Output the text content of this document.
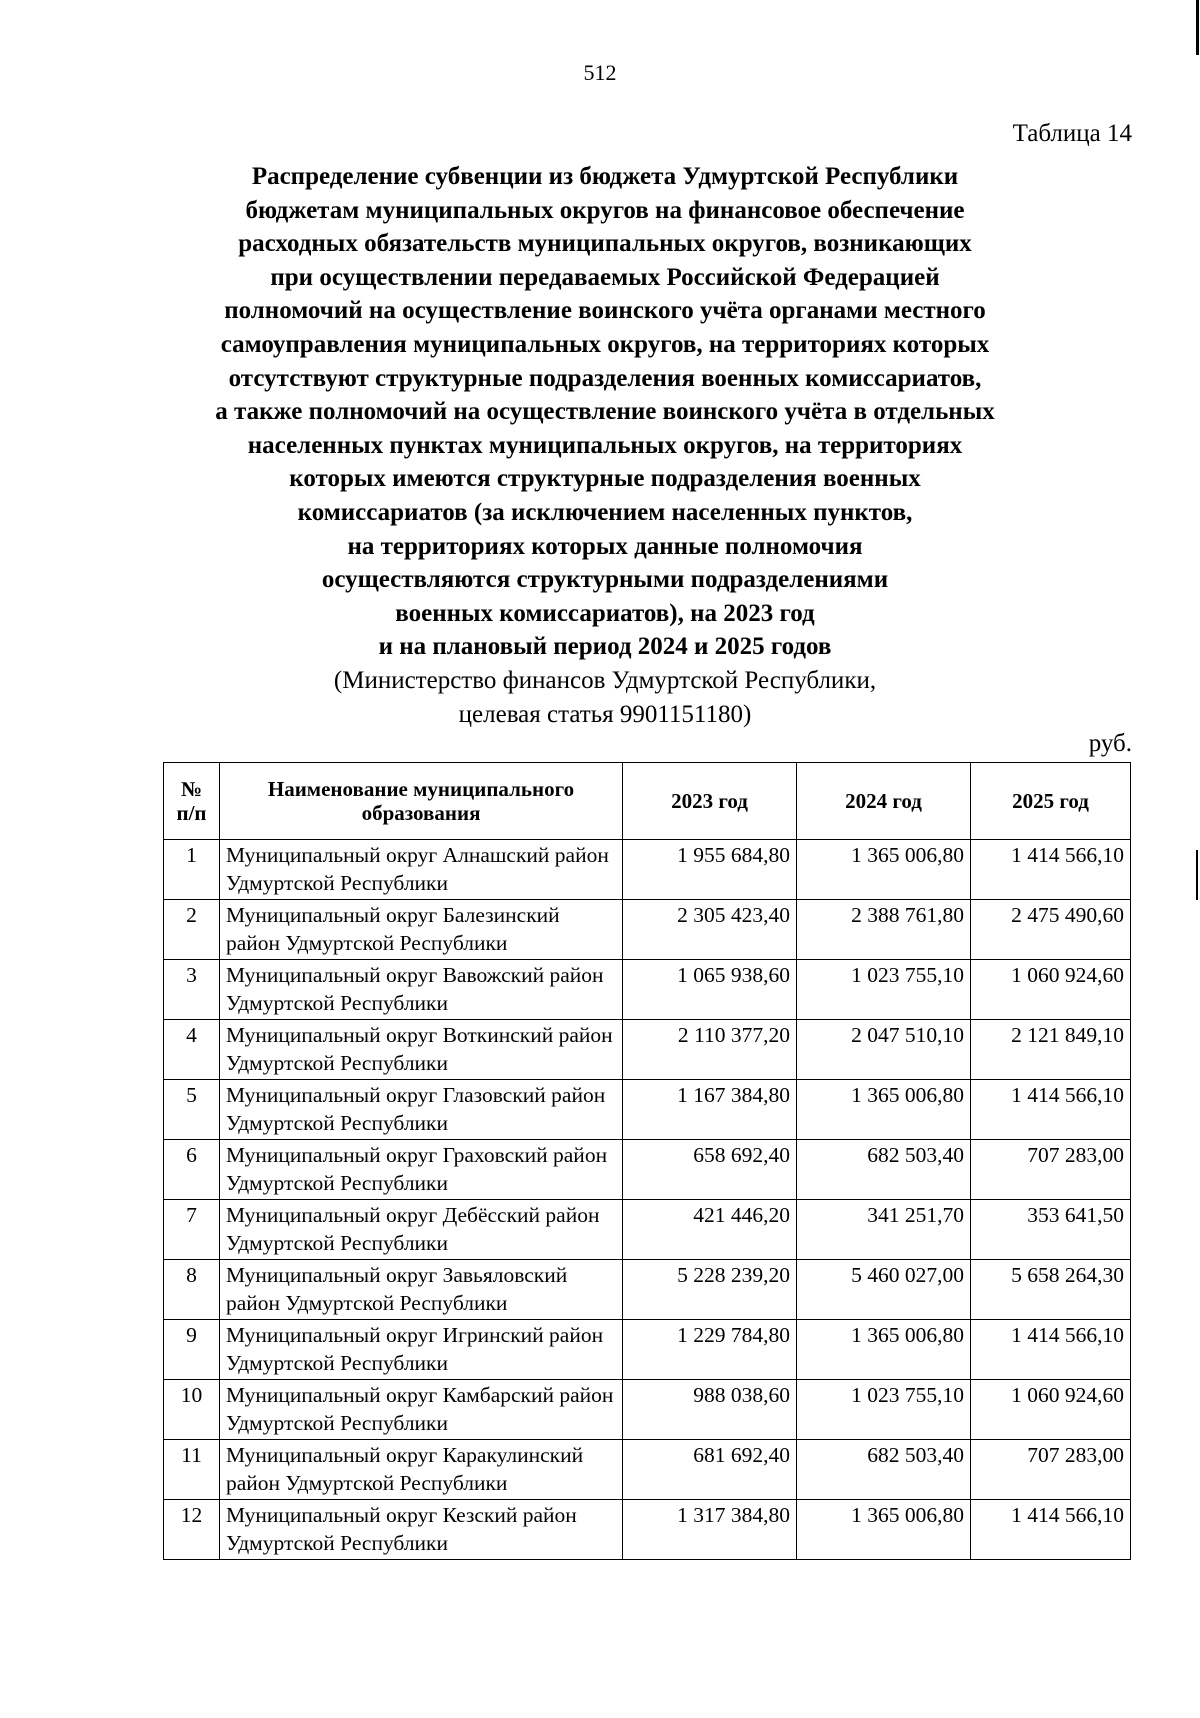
512
Таблица 14
Распределение субвенции из бюджета Удмуртской Республики
бюджетам муниципальных округов на финансовое обеспечение
расходных обязательств муниципальных округов, возникающих
при осуществлении передаваемых Российской Федерацией
полномочий на осуществление воинского учёта органами местного
самоуправления муниципальных округов, на территориях которых
отсутствуют структурные подразделения военных комиссариатов,
а также полномочий на осуществление воинского учёта в отдельных
населенных пунктах муниципальных округов, на территориях
которых имеются структурные подразделения военных
комиссариатов (за исключением населенных пунктов,
на территориях которых данные полномочия
осуществляются структурными подразделениями
военных комиссариатов), на 2023 год
и на плановый период 2024 и 2025 годов
(Министерство финансов Удмуртской Республики,
целевая статья 9901151180)
руб.
№ п/п	Наименование муниципального образования	2023 год	2024 год	2025 год
1	Муниципальный округ Алнашский район Удмуртской Республики	1 955 684,80	1 365 006,80	1 414 566,10
2	Муниципальный округ Балезинский район Удмуртской Республики	2 305 423,40	2 388 761,80	2 475 490,60
3	Муниципальный округ Вавожский район Удмуртской Республики	1 065 938,60	1 023 755,10	1 060 924,60
4	Муниципальный округ Воткинский район Удмуртской Республики	2 110 377,20	2 047 510,10	2 121 849,10
5	Муниципальный округ Глазовский район Удмуртской Республики	1 167 384,80	1 365 006,80	1 414 566,10
6	Муниципальный округ Граховский район Удмуртской Республики	658 692,40	682 503,40	707 283,00
7	Муниципальный округ Дебёсский район Удмуртской Республики	421 446,20	341 251,70	353 641,50
8	Муниципальный округ Завьяловский район Удмуртской Республики	5 228 239,20	5 460 027,00	5 658 264,30
9	Муниципальный округ Игринский район Удмуртской Республики	1 229 784,80	1 365 006,80	1 414 566,10
10	Муниципальный округ Камбарский район Удмуртской Республики	988 038,60	1 023 755,10	1 060 924,60
11	Муниципальный округ Каракулинский район Удмуртской Республики	681 692,40	682 503,40	707 283,00
12	Муниципальный округ Кезский район Удмуртской Республики	1 317 384,80	1 365 006,80	1 414 566,10
